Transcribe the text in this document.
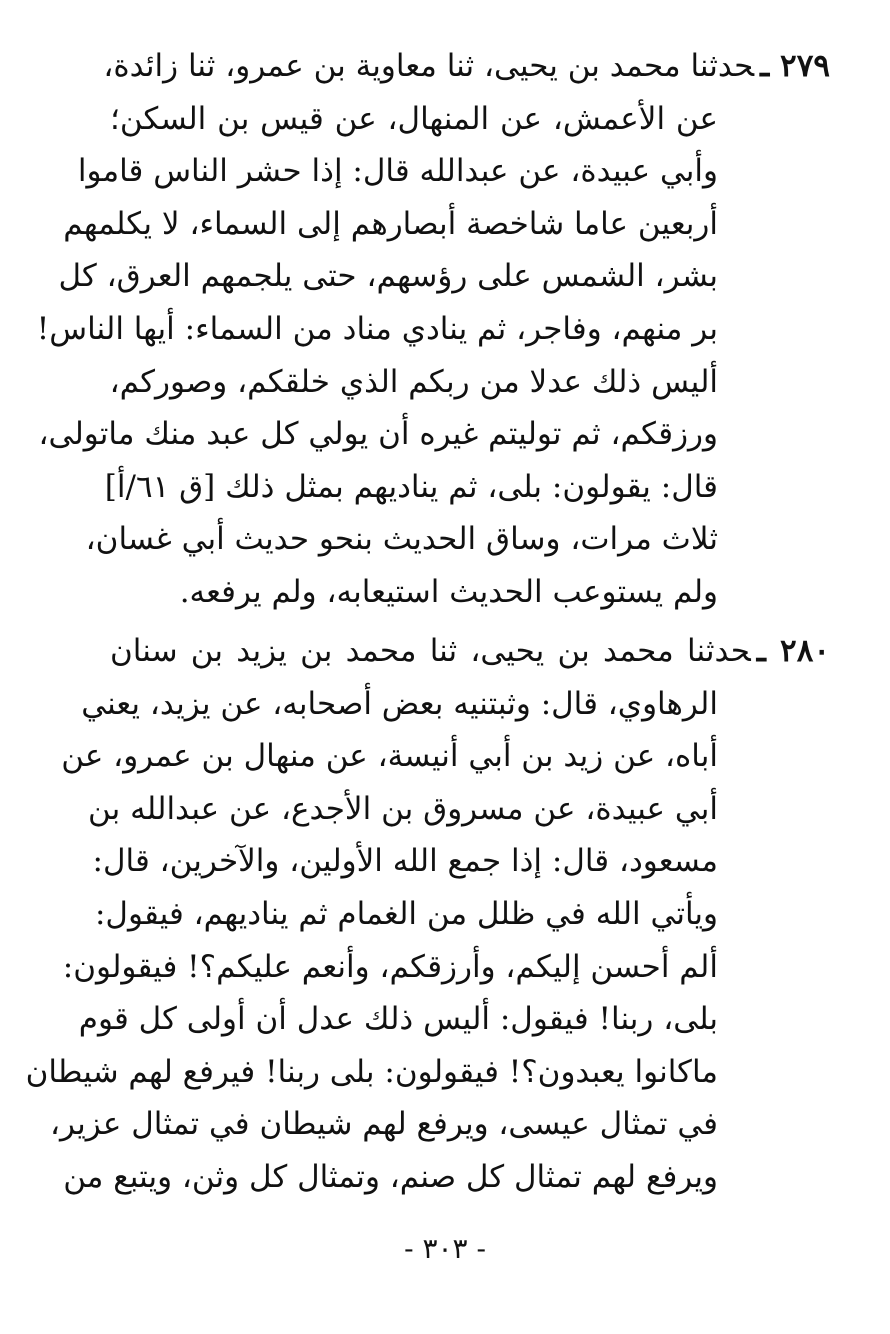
٢٧٩ ـحدثنا محمد بن يحيى، ثنا معاوية بن عمرو، ثنا زائدة،
عن الأعمش، عن المنهال، عن قيس بن السكن؛
وأبي عبيدة، عن عبدالله قال: إذا حشر الناس قاموا
أربعين عاما شاخصة أبصارهم إلى السماء، لا يكلمهم
بشر، الشمس على رؤسهم، حتى يلجمهم العرق، كل
بر منهم، وفاجر، ثم ينادي مناد من السماء: أيها الناس!
أليس ذلك عدلا من ربكم الذي خلقكم، وصوركم،
ورزقكم، ثم توليتم غيره أن يولي كل عبد منك ماتولى،
قال: يقولون: بلى، ثم يناديهم بمثل ذلك [ق ٦١/أ]
ثلاث مرات، وساق الحديث بنحو حديث أبي غسان،
ولم يستوعب الحديث استيعابه، ولم يرفعه.
٢٨٠ ـحدثنا محمد بن يحيى، ثنا محمد بن يزيد بن سنان
الرهاوي، قال: وثبتنيه بعض أصحابه، عن يزيد، يعني
أباه، عن زيد بن أبي أنيسة، عن منهال بن عمرو، عن
أبي عبيدة، عن مسروق بن الأجدع، عن عبدالله بن
مسعود، قال: إذا جمع الله الأولين، والآخرين، قال:
ويأتي الله في ظلل من الغمام ثم يناديهم، فيقول:
ألم أحسن إليكم، وأرزقكم، وأنعم عليكم؟! فيقولون:
بلى، ربنا! فيقول: أليس ذلك عدل أن أولى كل قوم
ماكانوا يعبدون؟! فيقولون: بلى ربنا! فيرفع لهم شيطان
في تمثال عيسى، ويرفع لهم شيطان في تمثال عزير،
ويرفع لهم تمثال كل صنم، وتمثال كل وثن، ويتبع من
- ٣٠٣ -
